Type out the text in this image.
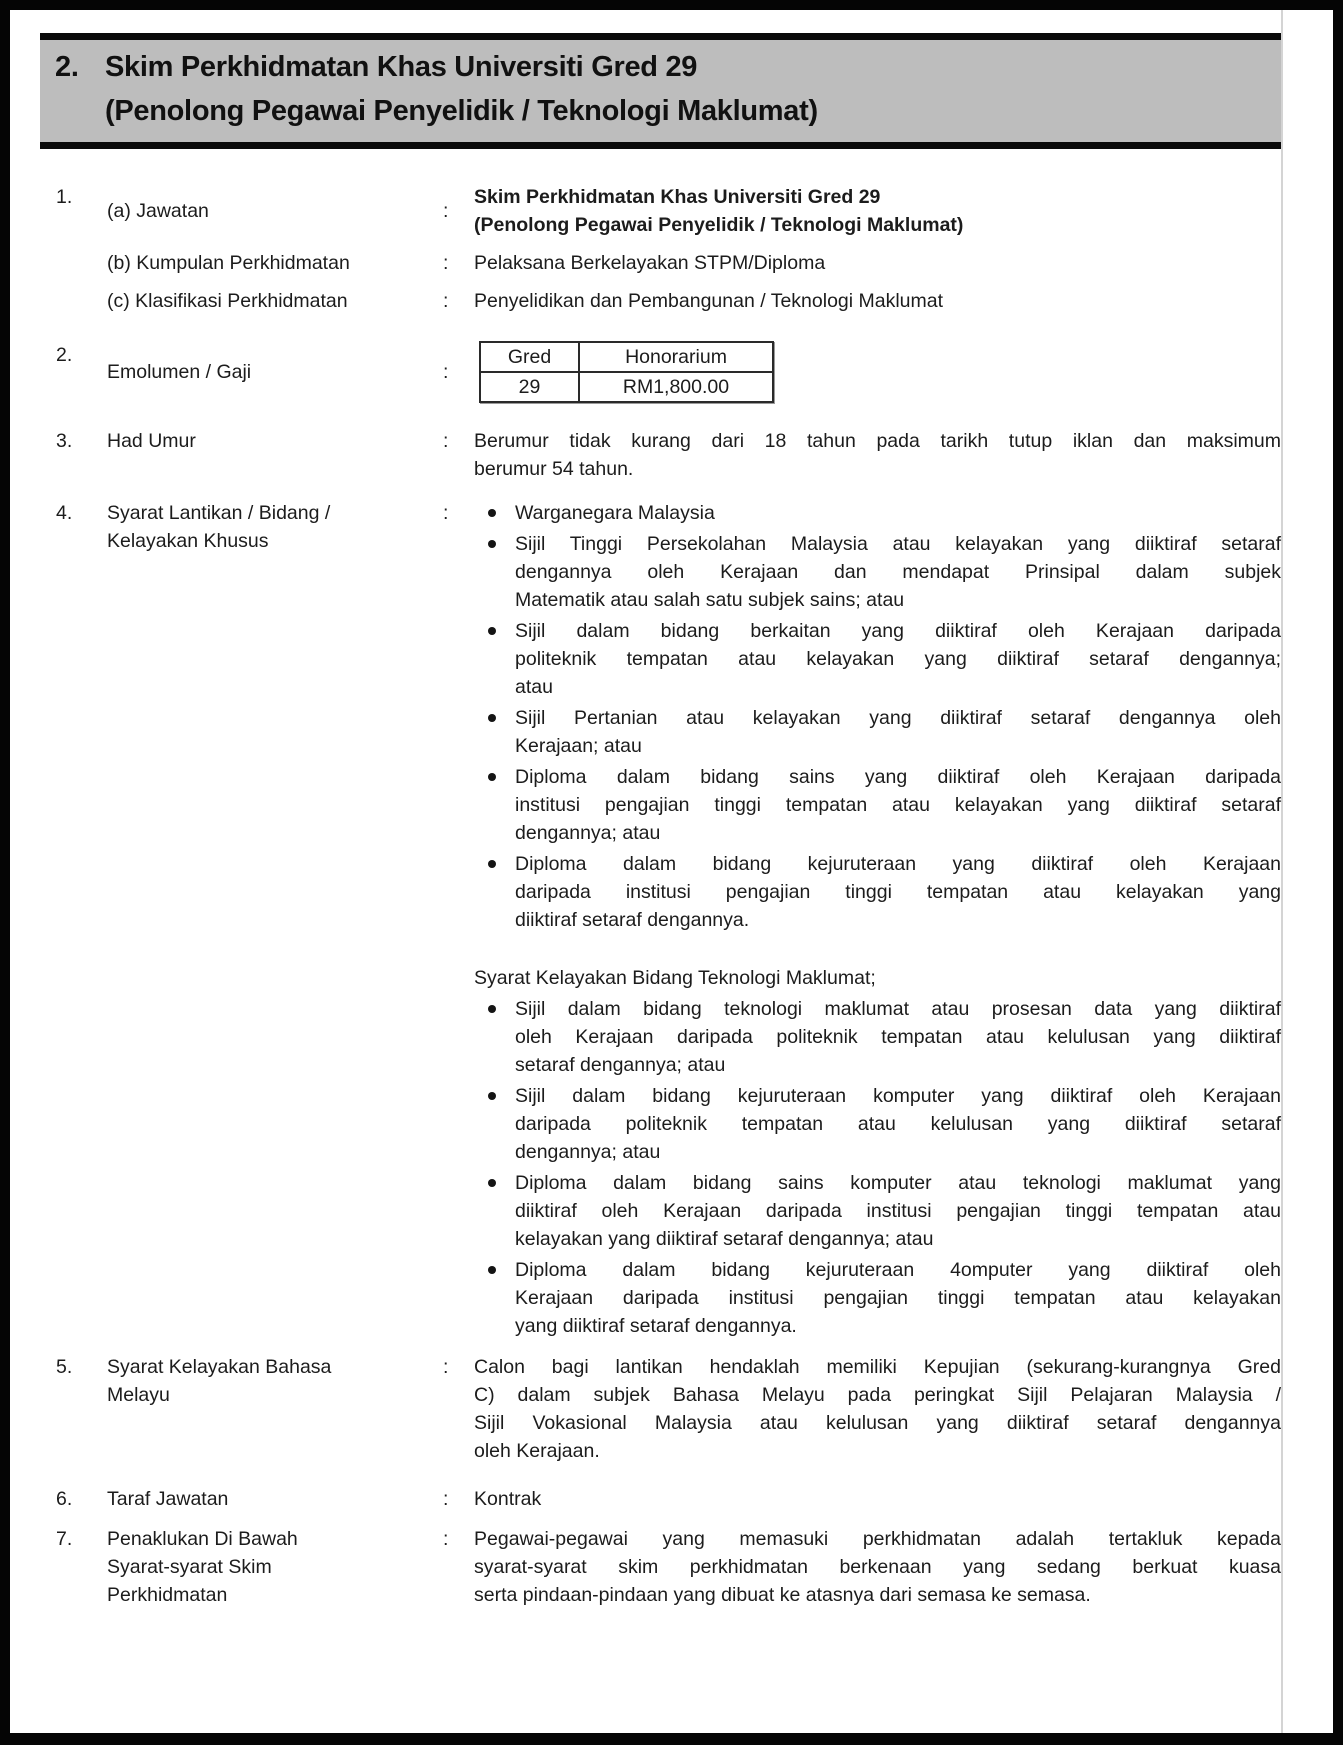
2. Skim Perkhidmatan Khas Universiti Gred 29
(Penolong Pegawai Penyelidik / Teknologi Maklumat)
1.
(a) Jawatan	:
Skim Perkhidmatan Khas Universiti Gred 29
(Penolong Pegawai Penyelidik / Teknologi Maklumat)
(b) Kumpulan Perkhidmatan	:	Pelaksana Berkelayakan STPM/Diploma
(c) Klasifikasi Perkhidmatan	:	Penyelidikan dan Pembangunan / Teknologi Maklumat
2.
Emolumen / Gaji	:
Gred	Honorarium
29	RM1,800.00
3.	Had Umur	:	Berumur tidak kurang dari 18 tahun pada tarikh tutup iklan dan maksimum
berumur 54 tahun.
4.	Syarat Lantikan / Bidang /
Kelayakan Khusus
:	Warganegara Malaysia
Sijil Tinggi Persekolahan Malaysia atau kelayakan yang diiktiraf setaraf
dengannya oleh Kerajaan dan mendapat Prinsipal dalam subjek
Matematik atau salah satu subjek sains; atau
Sijil dalam bidang berkaitan yang diiktiraf oleh Kerajaan daripada
politeknik tempatan atau kelayakan yang diiktiraf setaraf dengannya;
atau
Sijil Pertanian atau kelayakan yang diiktiraf setaraf dengannya oleh
Kerajaan; atau
Diploma dalam bidang sains yang diiktiraf oleh Kerajaan daripada
institusi pengajian tinggi tempatan atau kelayakan yang diiktiraf setaraf
dengannya; atau
Diploma dalam bidang kejuruteraan yang diiktiraf oleh Kerajaan
daripada institusi pengajian tinggi tempatan atau kelayakan yang
diiktiraf setaraf dengannya.
Syarat Kelayakan Bidang Teknologi Maklumat;
Sijil dalam bidang teknologi maklumat atau prosesan data yang diiktiraf
oleh Kerajaan daripada politeknik tempatan atau kelulusan yang diiktiraf
setaraf dengannya; atau
Sijil dalam bidang kejuruteraan komputer yang diiktiraf oleh Kerajaan
daripada politeknik tempatan atau kelulusan yang diiktiraf setaraf
dengannya; atau
Diploma dalam bidang sains komputer atau teknologi maklumat yang
diiktiraf oleh Kerajaan daripada institusi pengajian tinggi tempatan atau
kelayakan yang diiktiraf setaraf dengannya; atau
Diploma dalam bidang kejuruteraan 4omputer yang diiktiraf oleh
Kerajaan daripada institusi pengajian tinggi tempatan atau kelayakan
yang diiktiraf setaraf dengannya.
5.	Syarat Kelayakan Bahasa
Melayu
:	Calon bagi lantikan hendaklah memiliki Kepujian (sekurang-kurangnya Gred
C) dalam subjek Bahasa Melayu pada peringkat Sijil Pelajaran Malaysia /
Sijil Vokasional Malaysia atau kelulusan yang diiktiraf setaraf dengannya
oleh Kerajaan.
6.	Taraf Jawatan	:	Kontrak
7.	Penaklukan Di Bawah
Syarat-syarat Skim
Perkhidmatan
:	Pegawai-pegawai yang memasuki perkhidmatan adalah tertakluk kepada
syarat-syarat skim perkhidmatan berkenaan yang sedang berkuat kuasa
serta pindaan-pindaan yang dibuat ke atasnya dari semasa ke semasa.
